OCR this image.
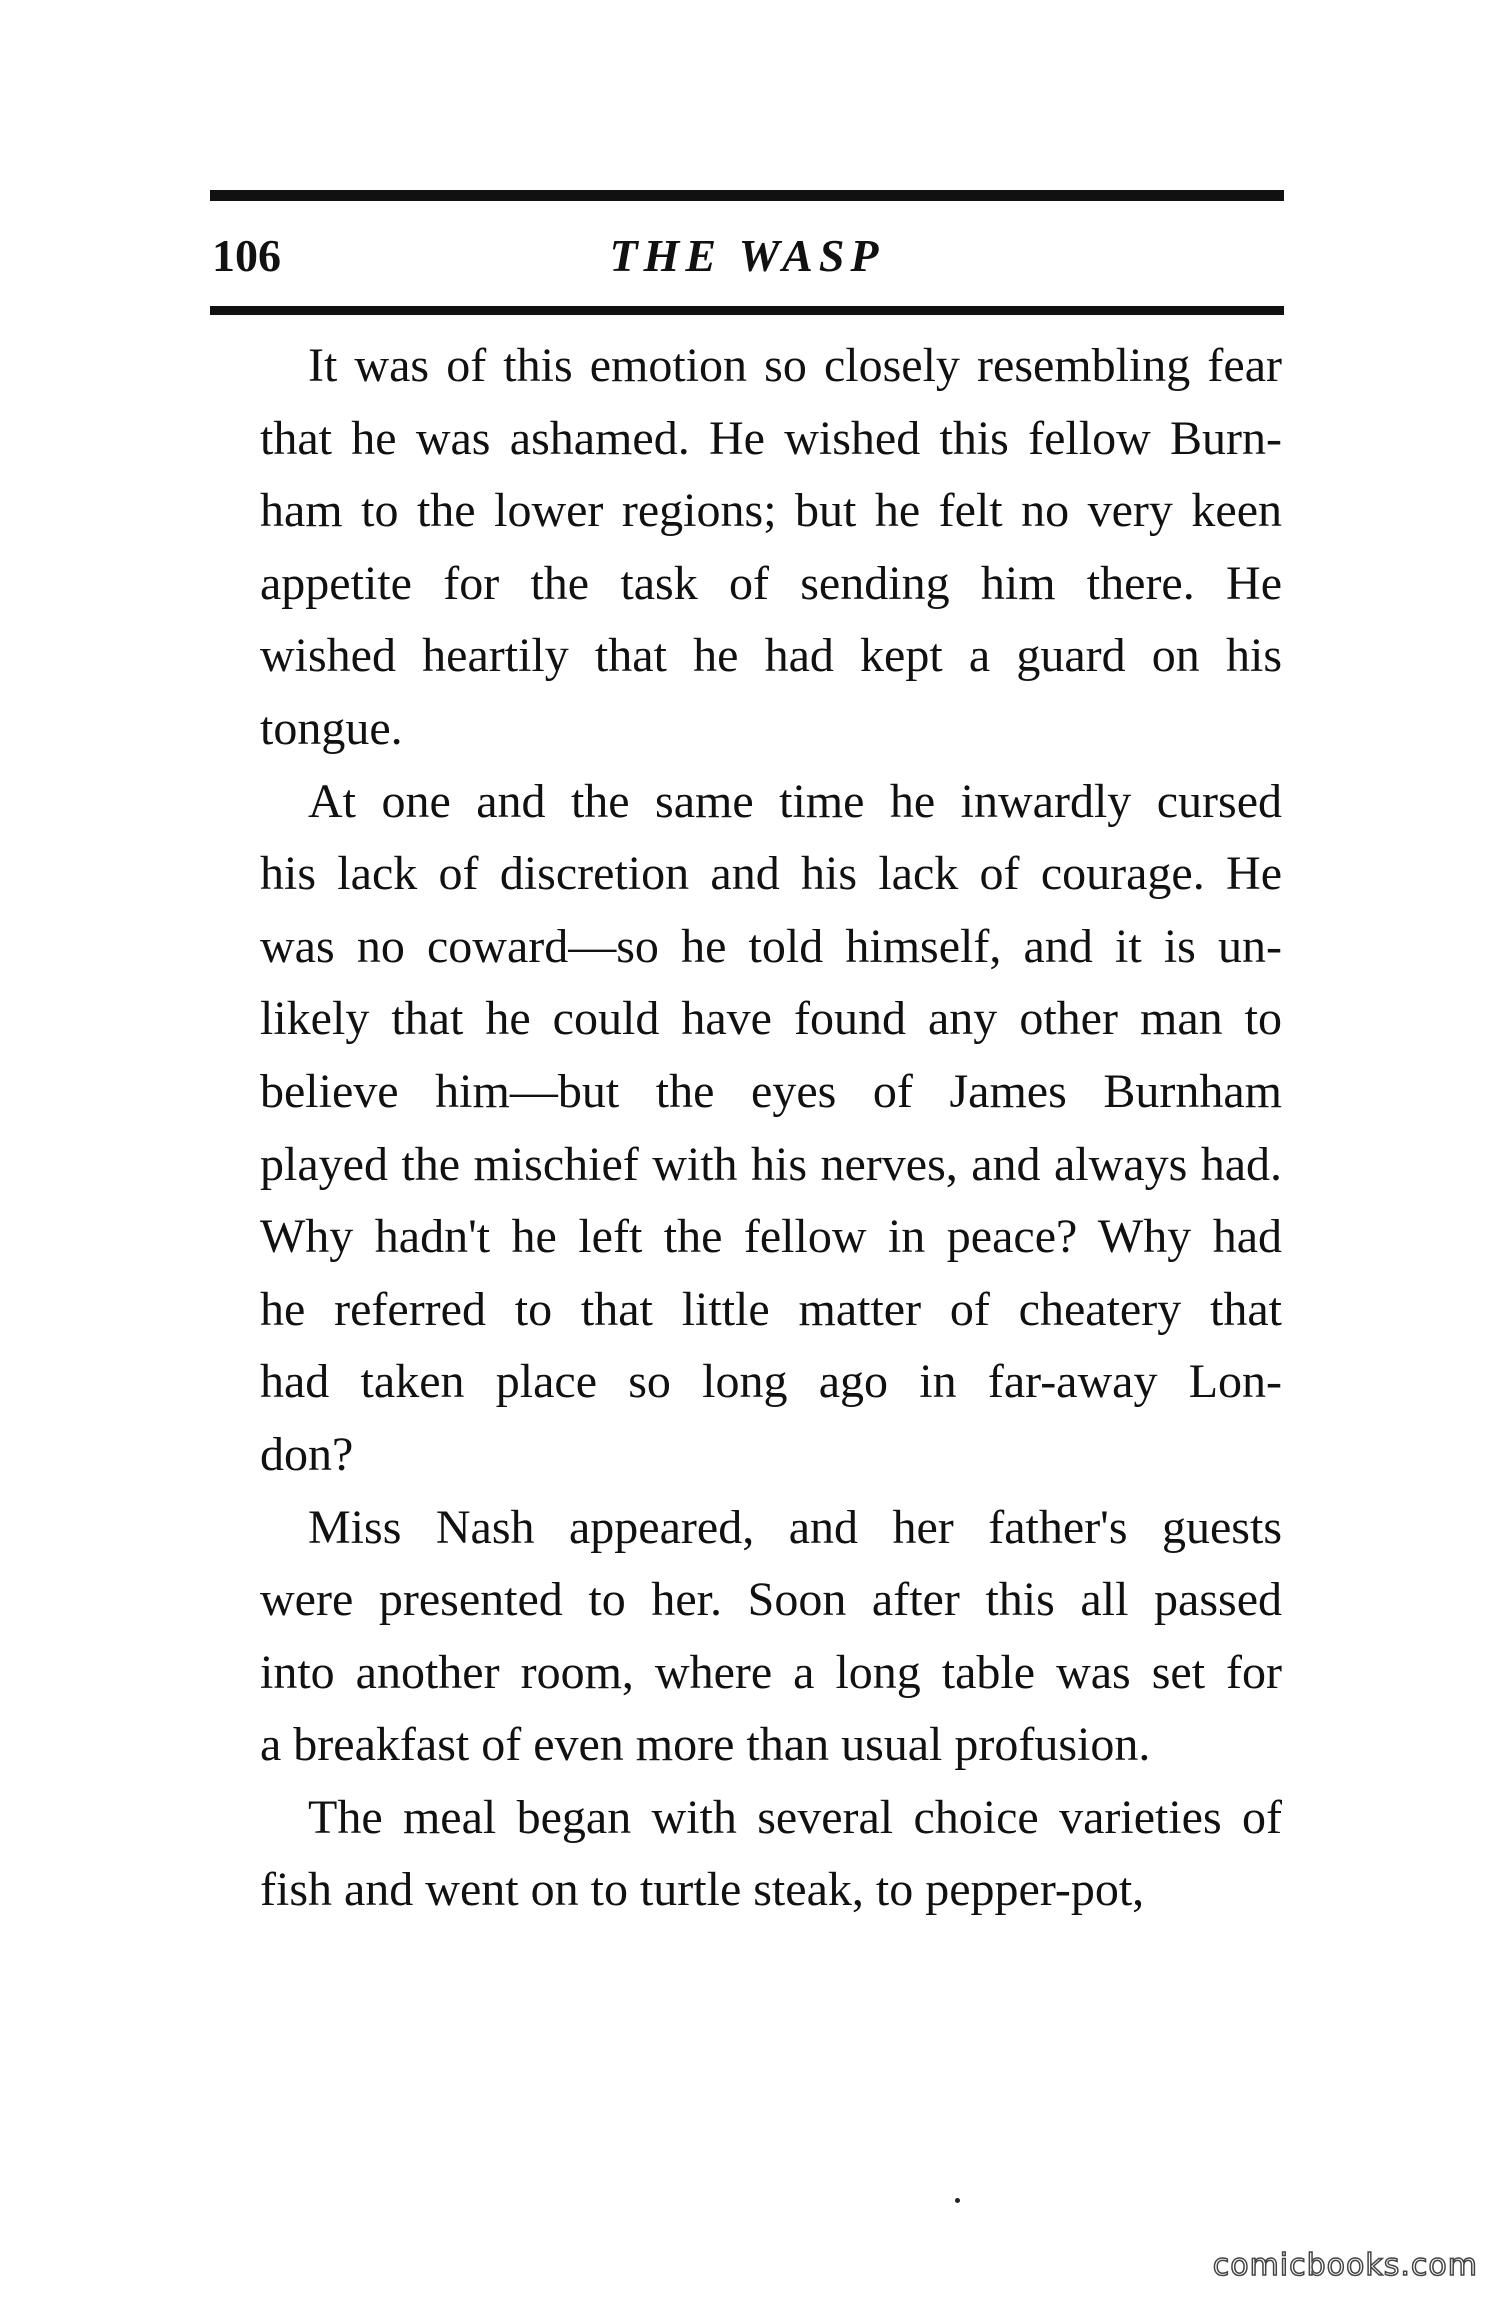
106	THE WASP
It was of this emotion so closely resembling fear
that he was ashamed. He wished this fellow Burn-
ham to the lower regions; but he felt no very keen
appetite for the task of sending him there. He
wished heartily that he had kept a guard on his
tongue.
At one and the same time he inwardly cursed
his lack of discretion and his lack of courage. He
was no coward—so he told himself, and it is un-
likely that he could have found any other man to
believe him—but the eyes of James Burnham
played the mischief with his nerves, and always had.
Why hadn't he left the fellow in peace? Why had
he referred to that little matter of cheatery that
had taken place so long ago in far-away Lon-
don?
Miss Nash appeared, and her father's guests
were presented to her. Soon after this all passed
into another room, where a long table was set for
a breakfast of even more than usual profusion.
The meal began with several choice varieties of
fish and went on to turtle steak, to pepper-pot,
comicbooks.com
